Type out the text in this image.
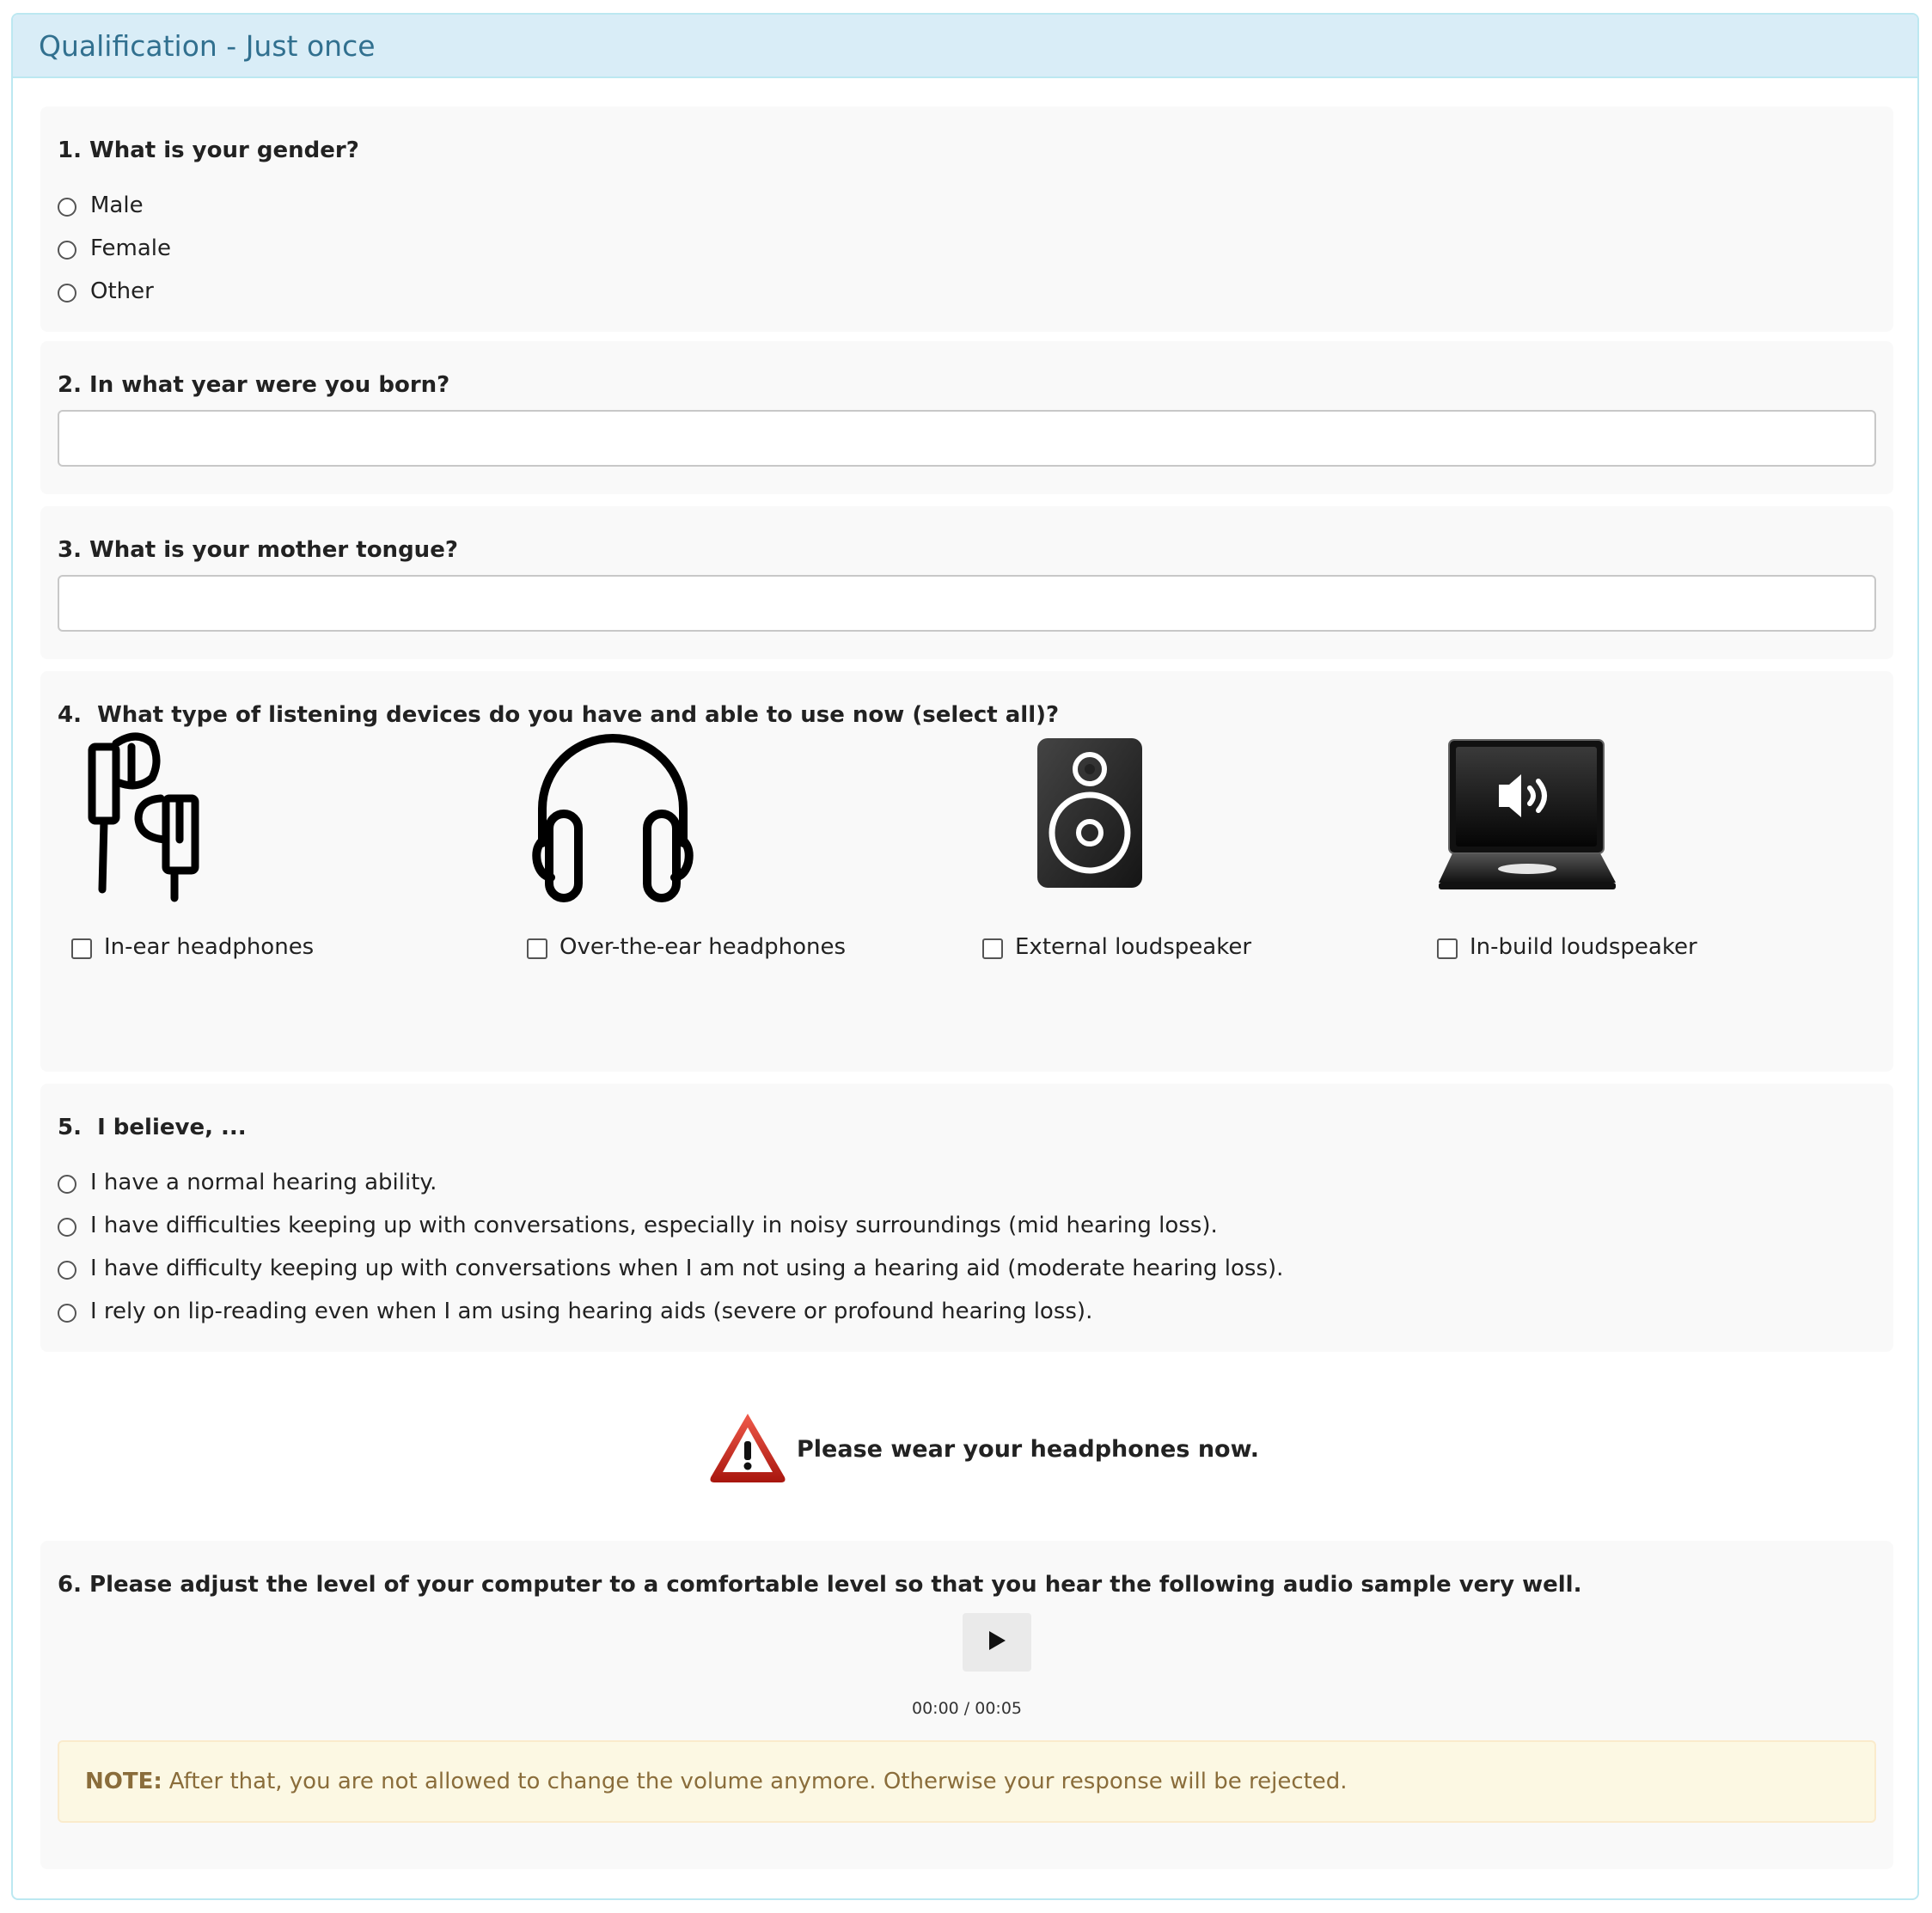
Qualification - Just once
1. What is your gender?
Male
Female
Other
2. In what year were you born?
3. What is your mother tongue?
4.  What type of listening devices do you have and able to use now (select all)?
In-ear headphones	Over-the-ear headphones	External loudspeaker	In-build loudspeaker
5.  I believe, ...
I have a normal hearing ability.
I have difficulties keeping up with conversations, especially in noisy surroundings (mid hearing loss).
I have difficulty keeping up with conversations when I am not using a hearing aid (moderate hearing loss).
I rely on lip-reading even when I am using hearing aids (severe or profound hearing loss).
Please wear your headphones now.
6. Please adjust the level of your computer to a comfortable level so that you hear the following audio sample very well.
00:00 / 00:05
NOTE: After that, you are not allowed to change the volume anymore. Otherwise your response will be rejected.
